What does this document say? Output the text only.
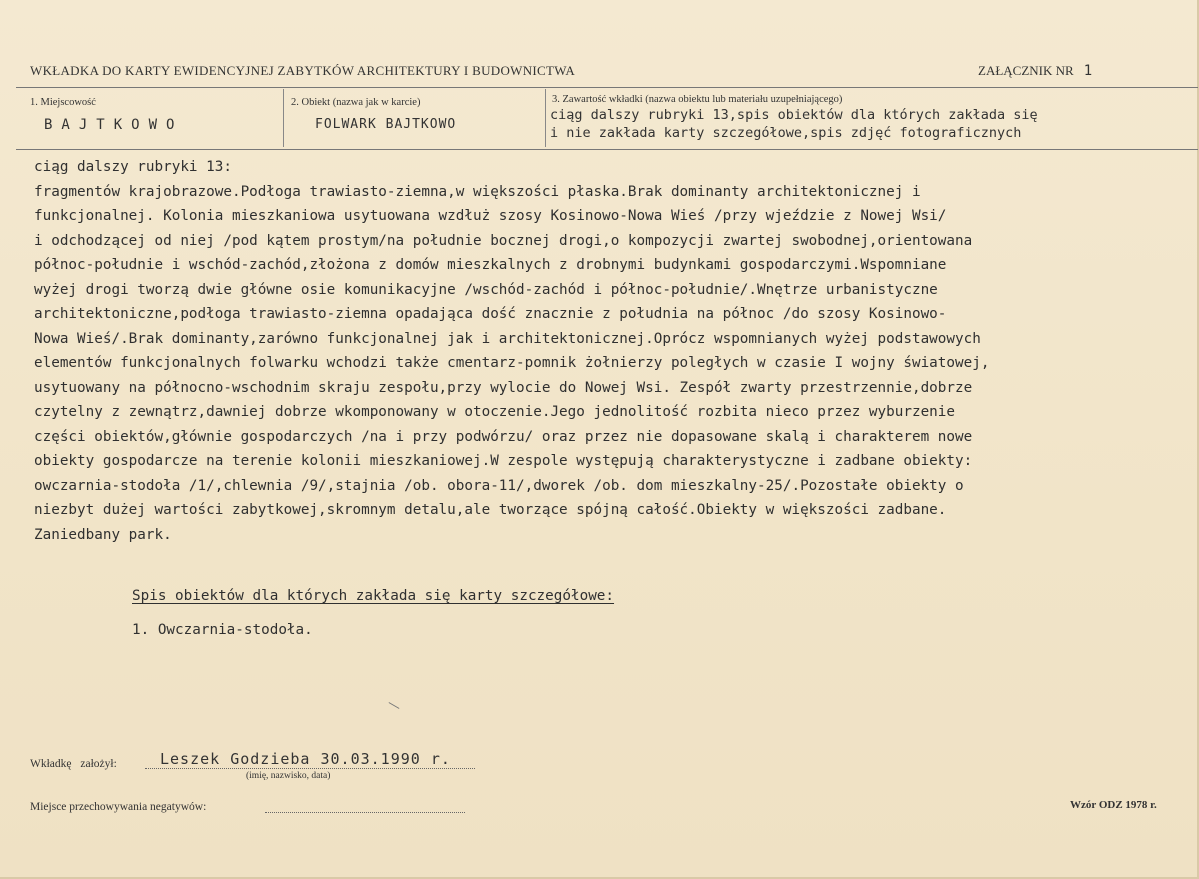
WKŁADKA DO KARTY EWIDENCYJNEJ ZABYTKÓW ARCHITEKTURY I BUDOWNICTWA	ZAŁĄCZNIK NR 1
1. Miejscowość
BAJTKOWO
2. Obiekt (nazwa jak w karcie)
FOLWARK BAJTKOWO
3. Zawartość wkładki (nazwa obiektu lub materiału uzupełniającego)
ciąg dalszy rubryki 13,spis obiektów dla których zakłada się
i nie zakłada karty szczegółowe,spis zdjęć fotograficznych
ciąg dalszy rubryki 13:
fragmentów krajobrazowe.Podłoga trawiasto-ziemna,w większości płaska.Brak dominanty architektonicznej i
funkcjonalnej. Kolonia mieszkaniowa usytuowana wzdłuż szosy Kosinowo-Nowa Wieś /przy wjeździe z Nowej Wsi/
i odchodzącej od niej /pod kątem prostym/na południe bocznej drogi,o kompozycji zwartej swobodnej,orientowana
północ-południe i wschód-zachód,złożona z domów mieszkalnych z drobnymi budynkami gospodarczymi.Wspomniane
wyżej drogi tworzą dwie główne osie komunikacyjne /wschód-zachód i północ-południe/.Wnętrze urbanistyczne
architektoniczne,podłoga trawiasto-ziemna opadająca dość znacznie z południa na północ /do szosy Kosinowo-
Nowa Wieś/.Brak dominanty,zarówno funkcjonalnej jak i architektonicznej.Oprócz wspomnianych wyżej podstawowych
elementów funkcjonalnych folwarku wchodzi także cmentarz-pomnik żołnierzy poległych w czasie I wojny światowej,
usytuowany na północno-wschodnim skraju zespołu,przy wylocie do Nowej Wsi. Zespół zwarty przestrzennie,dobrze
czytelny z zewnątrz,dawniej dobrze wkomponowany w otoczenie.Jego jednolitość rozbita nieco przez wyburzenie
części obiektów,głównie gospodarczych /na i przy podwórzu/ oraz przez nie dopasowane skalą i charakterem nowe
obiekty gospodarcze na terenie kolonii mieszkaniowej.W zespole występują charakterystyczne i zadbane obiekty:
owczarnia-stodoła /1/,chlewnia /9/,stajnia /ob. obora-11/,dworek /ob. dom mieszkalny-25/.Pozostałe obiekty o
niezbyt dużej wartości zabytkowej,skromnym detalu,ale tworzące spójną całość.Obiekty w większości zadbane.
Zaniedbany park.
Spis obiektów dla których zakłada się karty szczegółowe:
1. Owczarnia-stodoła.
Wkładkę założył:	Leszek Godzieba 30.03.1990 r.
(imię, nazwisko, data)
Miejsce przechowywania negatywów:	Wzór ODZ 1978 r.
